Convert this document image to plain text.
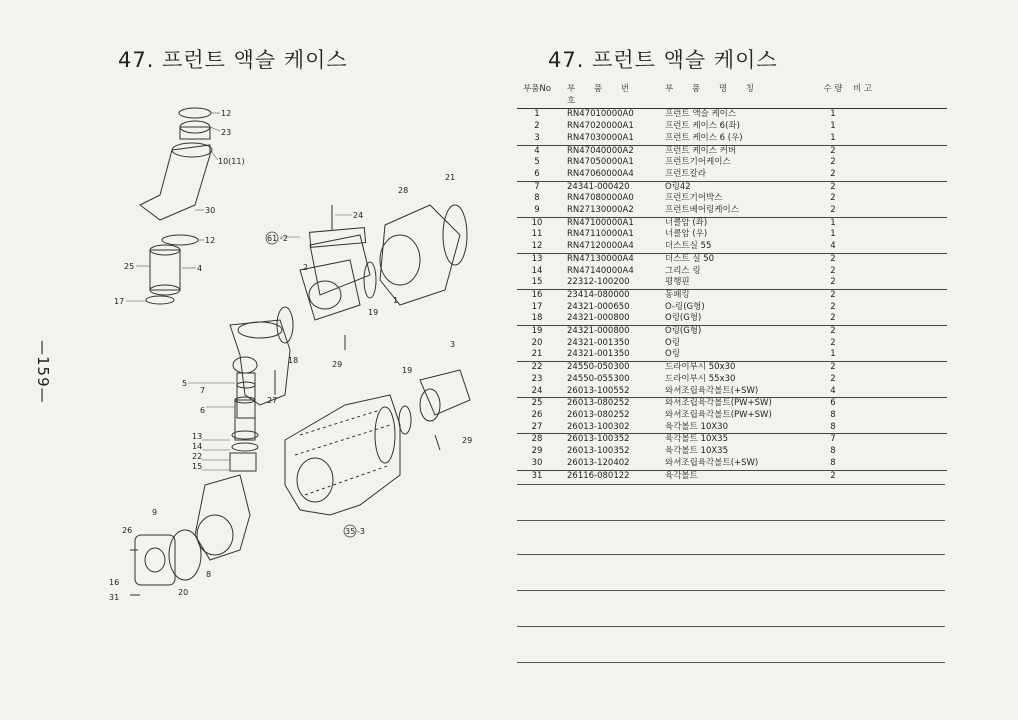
47. 프런트 액슬 케이스	47. 프런트 액슬 케이스
—159—
12
23
10(11)
30
12
25	4
17
24
61 -2
28
21
2
1
19
18	29
5
7
6
27
3
19
29
13
14
22
15
9
26	35 -3
8
16
31
20
부품No	부 품 번 호
부 품 명 칭	수 량	비 고
1	RN47010000A0	프런트 액슬 케이스	1
2	RN47020000A1	프런트 케이스 6(좌)	1
3	RN47030000A1	프런트 케이스 6 (우)	1
4	RN47040000A2	프런트 케이스 커버	2
5	RN47050000A1	프런트기어케이스	2
6	RN47060000A4	프런트칼라	2
7	24341-000420	O링42	2
8	RN47080000A0	프런트기어박스	2
9	RN27130000A2	프런트베어링케이스	2
10	RN47100000A1	너클암 (좌)	1
11	RN47110000A1	너클암 (우)	1
12	RN47120000A4	더스트실 55	4
13	RN47130000A4	더스트 실 50	2
14	RN47140000A4	그리스 링	2
15	22312-100200	평행핀	2
16	23414-080000	동패킹	2
17	24321-000650	O-링(G형)	2
18	24321-000800	O링(G형)	2
19	24321-000800	O링(G형)	2
20	24321-001350	O링	2
21	24321-001350	O링	1
22	24550-050300	드라이부시 50x30	2
23	24550-055300	드라이부시 55x30	2
24	26013-100552	와셔조립육각볼트(+SW)	4
25	26013-080252	와셔조립육각볼트(PW+SW)	6
26	26013-080252	와셔조립육각볼트(PW+SW)	8
27	26013-100302	육각볼트 10X30	8
28	26013-100352	육각볼트 10X35	7
29	26013-100352	육각볼트 10X35	8
30	26013-120402	와셔조립육각볼트(+SW)	8
31	26116-080122	육각볼트	2
